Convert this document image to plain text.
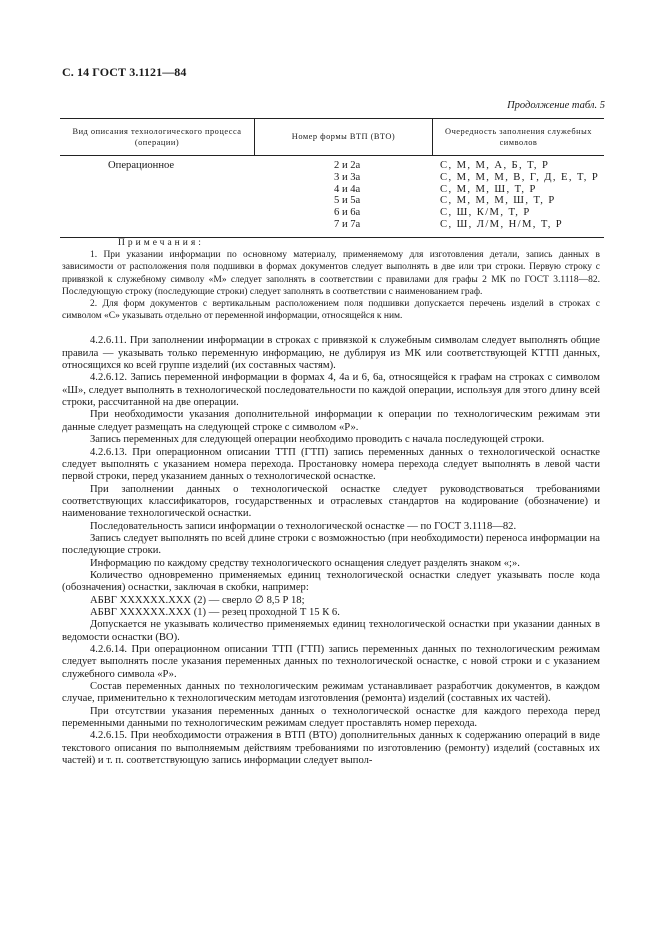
С. 14 ГОСТ 3.1121—84
Продолжение табл. 5
Вид описания технологического процесса (операции)
Номер формы ВТП (ВТО)
Очередность заполнения служебных символов
Операционное	2 и 2а
3 и 3а
4 и 4а
5 и 5а
6 и 6а
7 и 7а
С, М, М, А, Б, Т, Р
С, М, М, М, В, Г, Д, Е, Т, Р
С, М, М, Ш, Т, Р
С, М, М, М, Ш, Т, Р
С, Ш, К/М, Т, Р
С, Ш, Л/М, Н/М, Т, Р

Примечания:

1. При указании информации по основному материалу, применяемому для изготовления детали, запись данных в зависимости от расположения поля подшивки в формах документов следует выполнять в две или три строки. Первую строку с привязкой к служебному символу «М» следует заполнять в соответствии с правилами для графы 2 МК по ГОСТ 3.1118—82. Последующую строку (последующие строки) следует заполнять в соответствии с наименованием граф.

2. Для форм документов с вертикальным расположением поля подшивки допускается перечень изделий в строках с символом «С» указывать отдельно от переменной информации, относящейся к ним.

4.2.6.11. При заполнении информации в строках с привязкой к служебным символам следует выполнять общие правила — указывать только переменную информацию, не дублируя из МК или соответствующей КТТП данных, относящихся ко всей группе изделий (их составных частям).

4.2.6.12. Запись переменной информации в формах 4, 4а и 6, 6а, относящейся к графам на строках с символом «Ш», следует выполнять в технологической последовательности по каждой операции, используя для этого длину всей строки, рассчитанной на две операции.

При необходимости указания дополнительной информации к операции по технологическим режимам эти данные следует размещать на следующей строке с символом «Р».

Запись переменных для следующей операции необходимо проводить с начала последующей строки.

4.2.6.13. При операционном описании ТТП (ГТП) запись переменных данных о технологической оснастке следует выполнять с указанием номера перехода. Простановку номера перехода следует выполнять в левой части первой строки, перед указанием данных о технологической оснастке.

При заполнении данных о технологической оснастке следует руководствоваться требованиями соответствующих классификаторов, государственных и отраслевых стандартов на кодирование (обозначение) и наименование технологической оснастки.

Последовательность записи информации о технологической оснастке — по ГОСТ 3.1118—82.

Запись следует выполнять по всей длине строки с возможностью (при необходимости) переноса информации на последующие строки.

Информацию по каждому средству технологического оснащения следует разделять знаком «;».

Количество одновременно применяемых единиц технологической оснастки следует указывать после кода (обозначения) оснастки, заключая в скобки, например:

АБВГ XXXXXX.XXX (2) — сверло ∅ 8,5 Р 18;

АБВГ XXXXXX.XXX (1) — резец проходной Т 15 К 6.

Допускается не указывать количество применяемых единиц технологической оснастки при указании данных в ведомости оснастки (ВО).

4.2.6.14. При операционном описании ТТП (ГТП) запись переменных данных по технологическим режимам следует выполнять после указания переменных данных по технологической оснастке, с новой строки и с указанием служебного символа «Р».

Состав переменных данных по технологическим режимам устанавливает разработчик документов, в каждом случае, применительно к технологическим методам изготовления (ремонта) изделий (составных их частей).

При отсутствии указания переменных данных о технологической оснастке для каждого перехода перед переменными данными по технологическим режимам следует проставлять номер перехода.

4.2.6.15. При необходимости отражения в ВТП (ВТО) дополнительных данных к содержанию операций в виде текстового описания по выполняемым действиям требованиями по изготовлению (ремонту) изделий (составных их частей) и т. п. соответствующую запись информации следует выпол-
